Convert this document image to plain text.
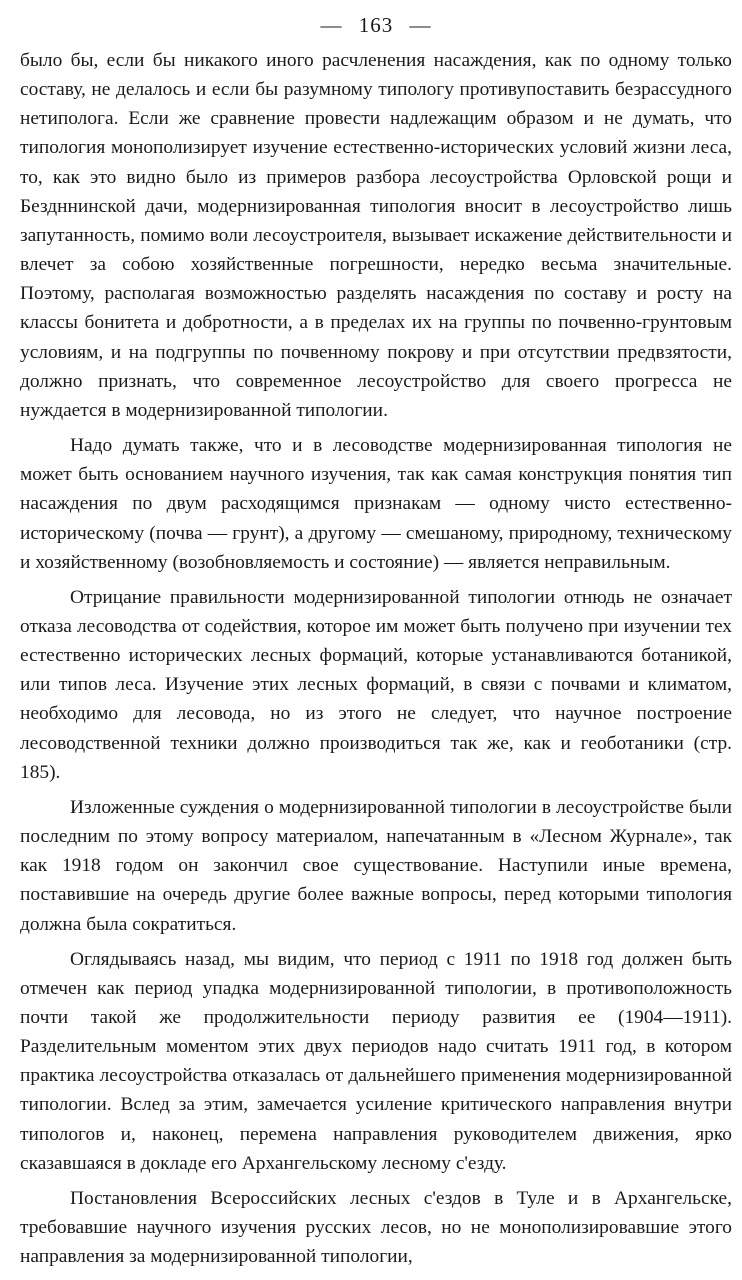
— 163 —

было бы, если бы никакого иного расчленения насаждения, как по одному только составу, не делалось и если бы разумному типологу противупоставить безрассудного нетиполога. Если же сравнение провести надлежащим образом и не думать, что типология монополизирует изучение естественно-исторических условий жизни леса, то, как это видно было из примеров разбора лесоустройства Орловской рощи и Бездннинской дачи, модернизированная типология вносит в лесоустройство лишь запутанность, помимо воли лесоустроителя, вызывает искажение действительности и влечет за собою хозяйственные погрешности, нередко весьма значительные. Поэтому, располагая возможностью разделять насаждения по составу и росту на классы бонитета и добротности, а в пределах их на группы по почвенно-грунтовым условиям, и на подгруппы по почвенному покрову и при отсутствии предвзятости, должно признать, что современное лесоустройство для своего прогресса не нуждается в модернизированной типологии.

Надо думать также, что и в лесоводстве модернизированная типология не может быть основанием научного изучения, так как самая конструкция понятия тип насаждения по двум расходящимся признакам — одному чисто естественно-историческому (почва — грунт), а другому — смешаному, природному, техническому и хозяйственному (возобновляемость и состояние) — является неправильным.

Отрицание правильности модернизированной типологии отнюдь не означает отказа лесоводства от содействия, которое им может быть получено при изучении тех естественно исторических лесных формаций, которые устанавливаются ботаникой, или типов леса. Изучение этих лесных формаций, в связи с почвами и климатом, необходимо для лесовода, но из этого не следует, что научное построение лесоводственной техники должно производиться так же, как и геоботаники (стр. 185).

Изложенные суждения о модернизированной типологии в лесоустройстве были последним по этому вопросу материалом, напечатанным в «Лесном Журнале», так как 1918 годом он закончил свое существование. Наступили иные времена, поставившие на очередь другие более важные вопросы, перед которыми типология должна была сократиться.

Оглядываясь назад, мы видим, что период с 1911 по 1918 год должен быть отмечен как период упадка модернизированной типологии, в противоположность почти такой же продолжительности периоду развития ее (1904—1911). Разделительным моментом этих двух периодов надо считать 1911 год, в котором практика лесоустройства отказалась от дальнейшего применения модернизированной типологии. Вслед за этим, замечается усиление критического направления внутри типологов и, наконец, перемена направления руководителем движения, ярко сказавшаяся в докладе его Архангельскому лесному с'езду.

Постановления Всероссийских лесных с'ездов в Туле и в Архангельске, требовавшие научного изучения русских лесов, но не монополизировавшие этого направления за модернизированной типологии,
